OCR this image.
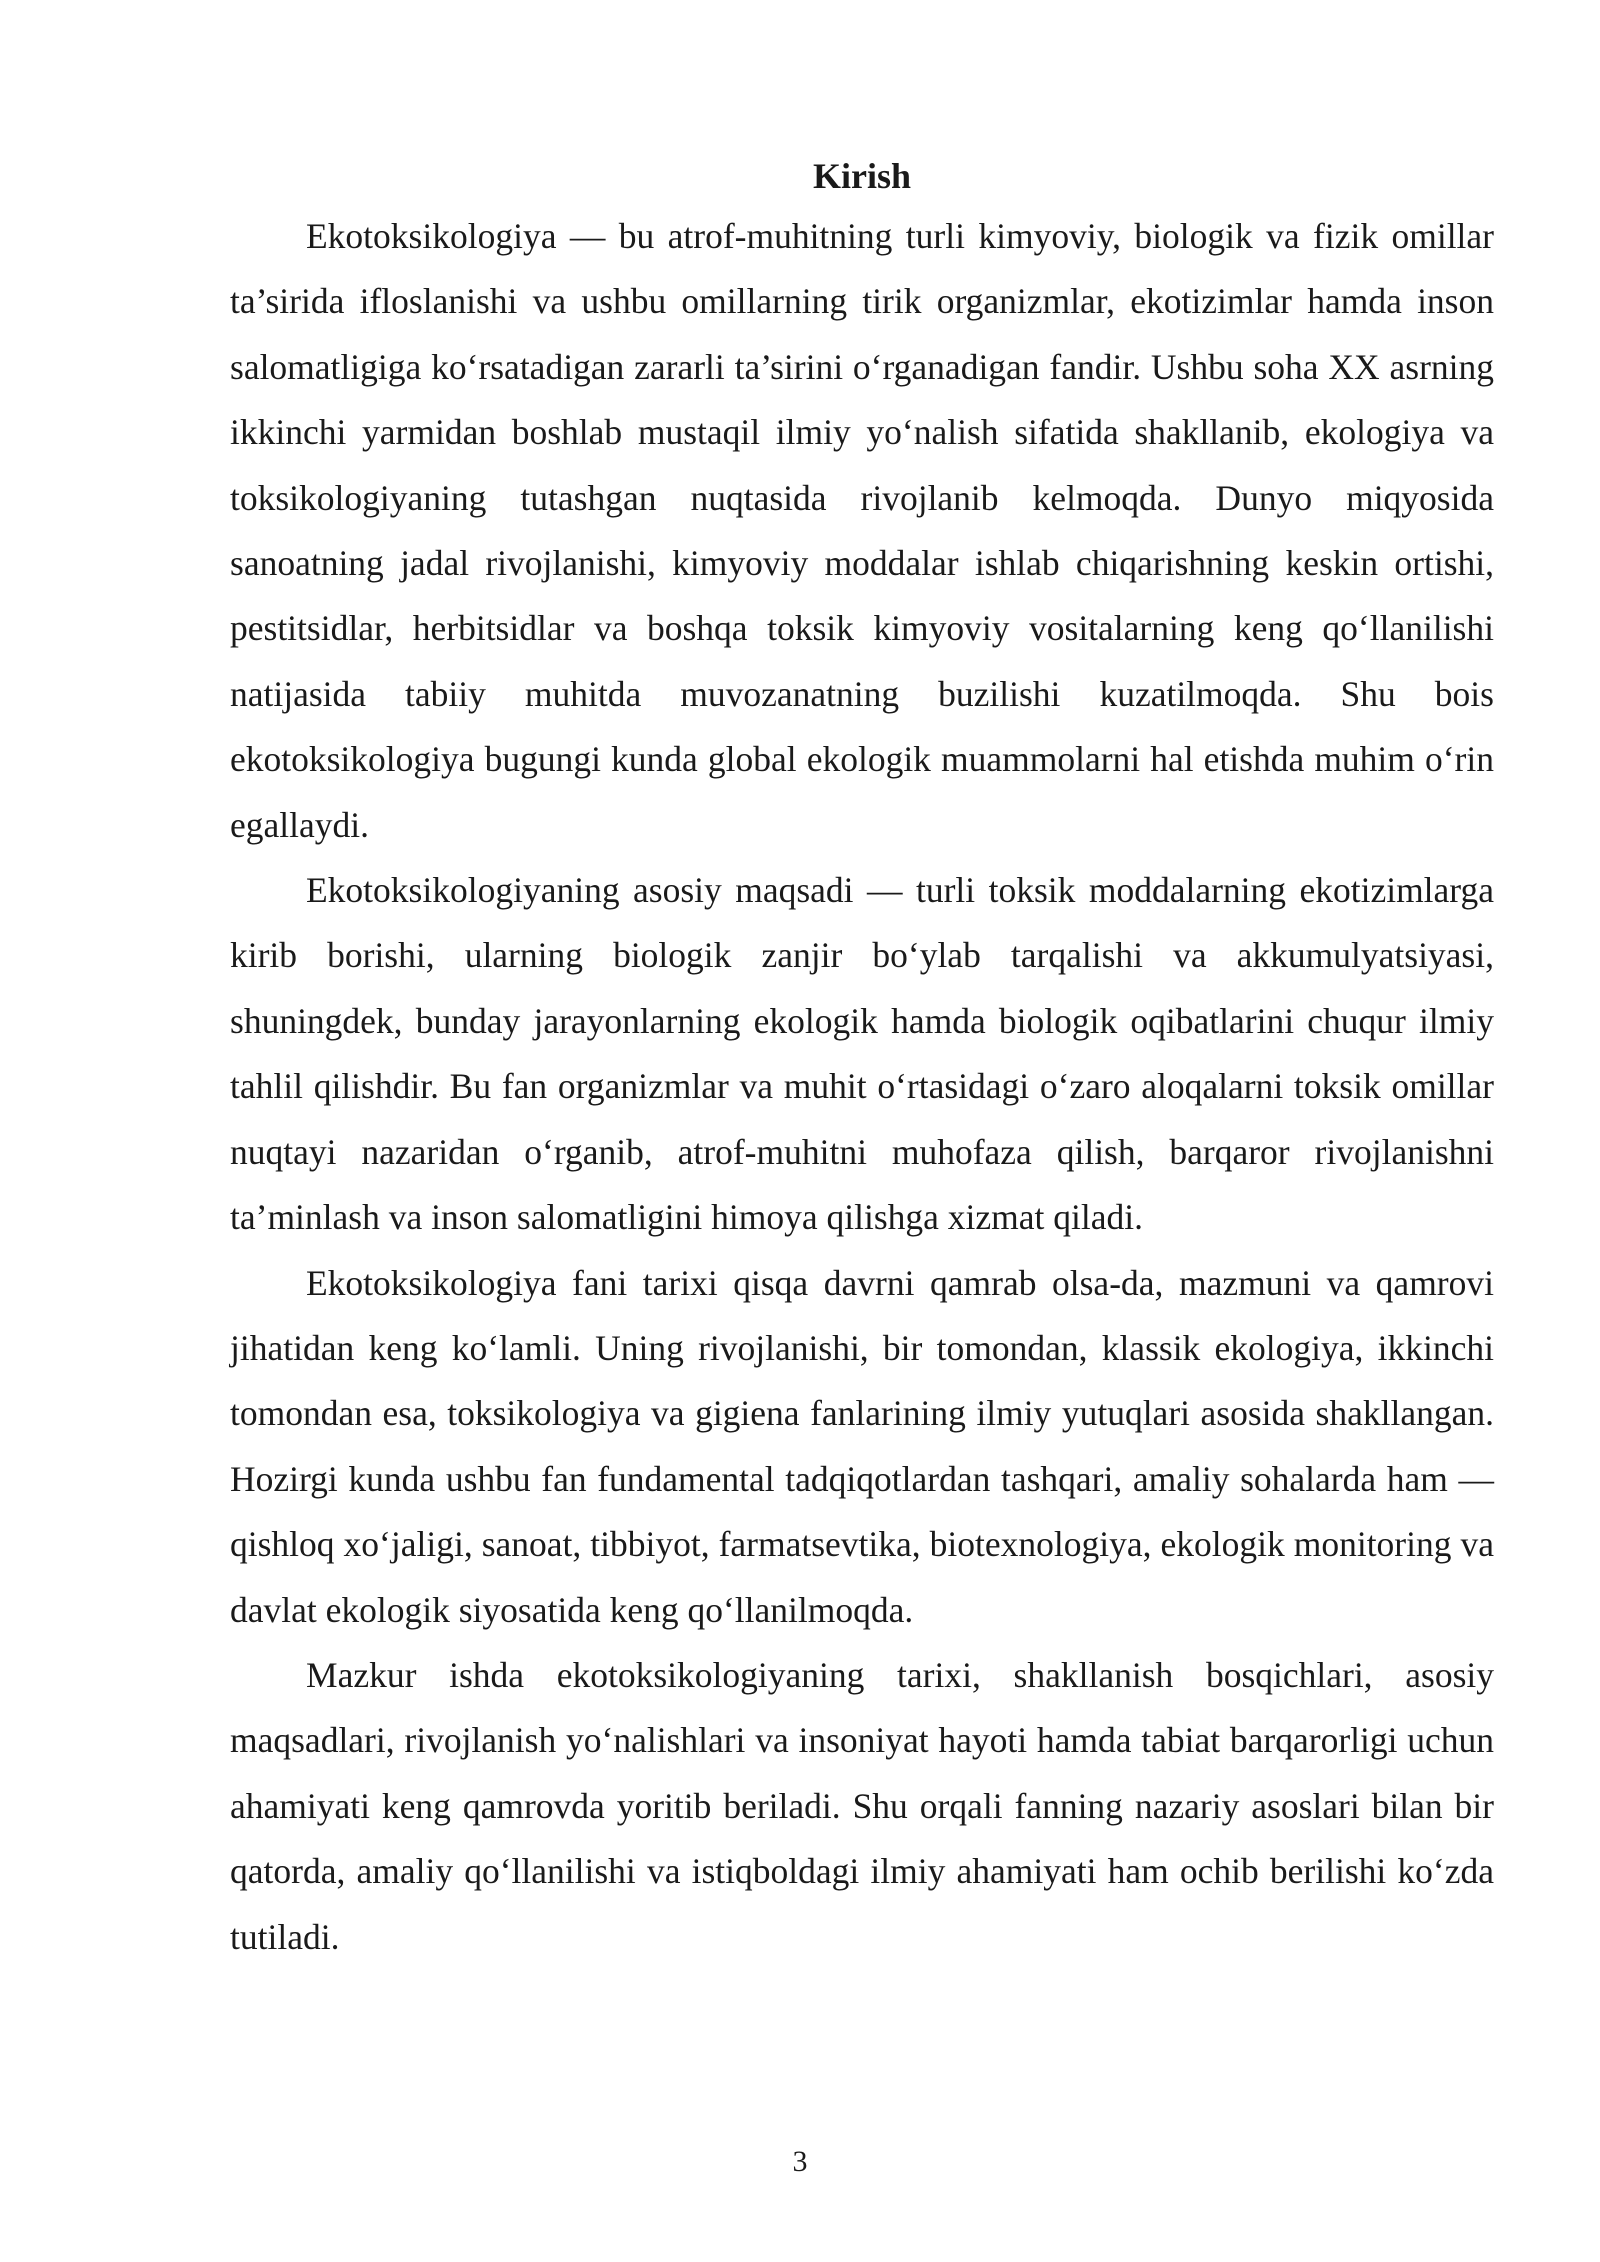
Kirish

Ekotoksikologiya — bu atrof-muhitning turli kimyoviy, biologik va fizik omillar ta’sirida ifloslanishi va ushbu omillarning tirik organizmlar, ekotizimlar hamda inson salomatligiga ko‘rsatadigan zararli ta’sirini o‘rganadigan fandir. Ushbu soha XX asrning ikkinchi yarmidan boshlab mustaqil ilmiy yo‘nalish sifatida shakllanib, ekologiya va toksikologiyaning tutashgan nuqtasida rivojlanib kelmoqda. Dunyo miqyosida sanoatning jadal rivojlanishi, kimyoviy moddalar ishlab chiqarishning keskin ortishi, pestitsidlar, herbitsidlar va boshqa toksik kimyoviy vositalarning keng qo‘llanilishi natijasida tabiiy muhitda muvozanatning buzilishi kuzatilmoqda. Shu bois ekotoksikologiya bugungi kunda global ekologik muammolarni hal etishda muhim o‘rin egallaydi.

Ekotoksikologiyaning asosiy maqsadi — turli toksik moddalarning ekotizimlarga kirib borishi, ularning biologik zanjir bo‘ylab tarqalishi va akkumulyatsiyasi, shuningdek, bunday jarayonlarning ekologik hamda biologik oqibatlarini chuqur ilmiy tahlil qilishdir. Bu fan organizmlar va muhit o‘rtasidagi o‘zaro aloqalarni toksik omillar nuqtayi nazaridan o‘rganib, atrof-muhitni muhofaza qilish, barqaror rivojlanishni ta’minlash va inson salomatligini himoya qilishga xizmat qiladi.

Ekotoksikologiya fani tarixi qisqa davrni qamrab olsa-da, mazmuni va qamrovi jihatidan keng ko‘lamli. Uning rivojlanishi, bir tomondan, klassik ekologiya, ikkinchi tomondan esa, toksikologiya va gigiena fanlarining ilmiy yutuqlari asosida shakllangan. Hozirgi kunda ushbu fan fundamental tadqiqotlardan tashqari, amaliy sohalarda ham — qishloq xo‘jaligi, sanoat, tibbiyot, farmatsevtika, biotexnologiya, ekologik monitoring va davlat ekologik siyosatida keng qo‘llanilmoqda.

Mazkur ishda ekotoksikologiyaning tarixi, shakllanish bosqichlari, asosiy maqsadlari, rivojlanish yo‘nalishlari va insoniyat hayoti hamda tabiat barqarorligi uchun ahamiyati keng qamrovda yoritib beriladi. Shu orqali fanning nazariy asoslari bilan bir qatorda, amaliy qo‘llanilishi va istiqboldagi ilmiy ahamiyati ham ochib berilishi ko‘zda tutiladi.

3
